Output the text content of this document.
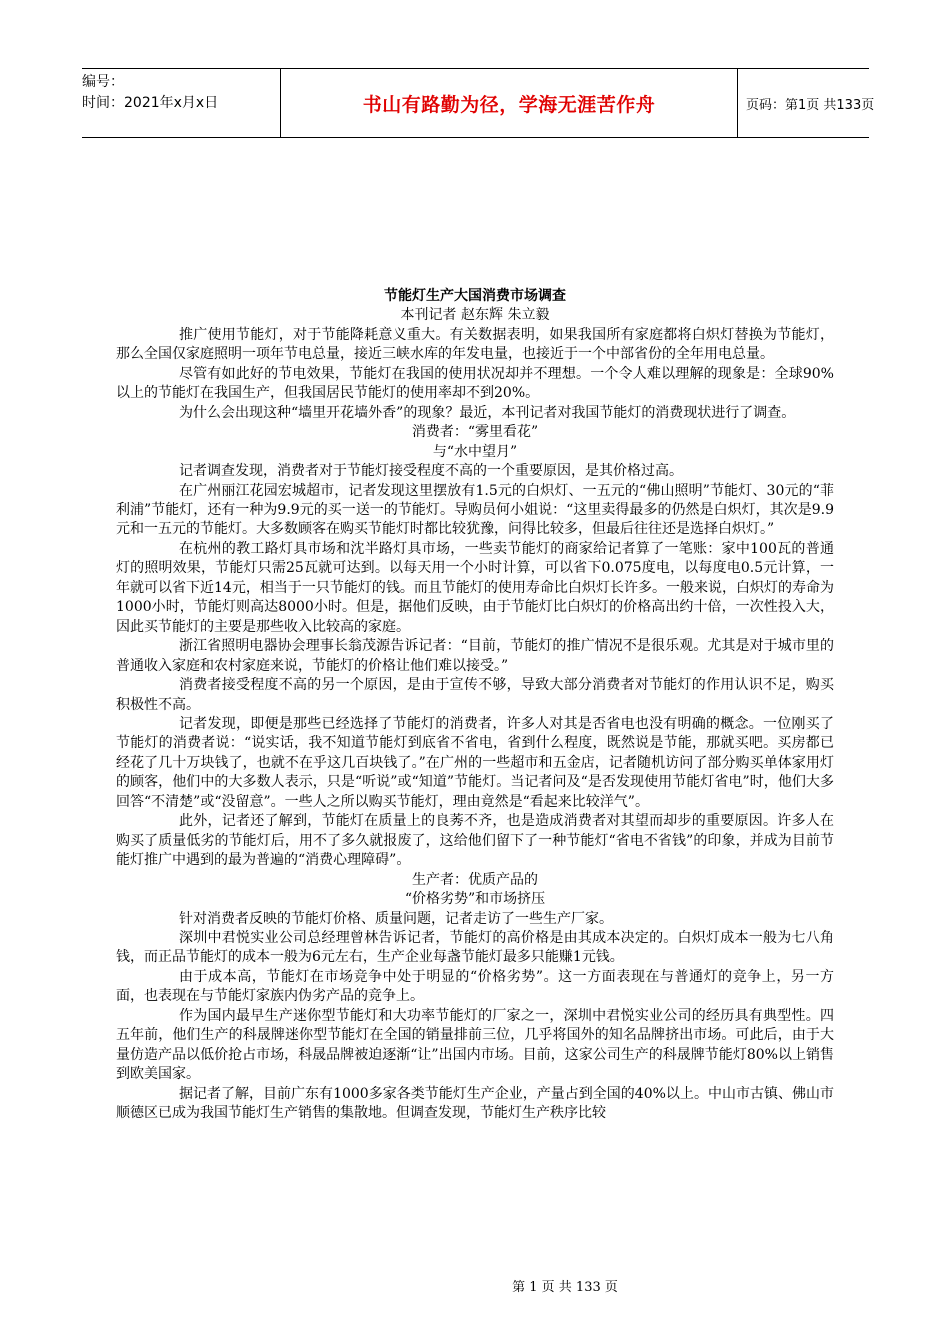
编号：
时间：2021年x月x日	书山有路勤为径，学海无涯苦作舟	页码：第1页 共133页
节能灯生产大国消费市场调查
本刊记者 赵东辉 朱立毅

推广使用节能灯，对于节能降耗意义重大。有关数据表明，如果我国所有家庭都将白炽灯替换为节能灯，那么全国仅家庭照明一项年节电总量，接近三峡水库的年发电量，也接近于一个中部省份的全年用电总量。

尽管有如此好的节电效果，节能灯在我国的使用状况却并不理想。一个令人难以理解的现象是：全球90%以上的节能灯在我国生产，但我国居民节能灯的使用率却不到20%。

为什么会出现这种“墙里开花墙外香”的现象？最近，本刊记者对我国节能灯的消费现状进行了调查。

消费者：“雾里看花”
与“水中望月”

记者调查发现，消费者对于节能灯接受程度不高的一个重要原因，是其价格过高。

在广州丽江花园宏城超市，记者发现这里摆放有1.5元的白炽灯、一五元的“佛山照明”节能灯、30元的“菲利浦”节能灯，还有一种为9.9元的买一送一的节能灯。导购员何小姐说：“这里卖得最多的仍然是白炽灯，其次是9.9元和一五元的节能灯。大多数顾客在购买节能灯时都比较犹豫，问得比较多，但最后往往还是选择白炽灯。”

在杭州的教工路灯具市场和沈半路灯具市场，一些卖节能灯的商家给记者算了一笔账：家中100瓦的普通灯的照明效果，节能灯只需25瓦就可达到。以每天用一个小时计算，可以省下0.075度电，以每度电0.5元计算，一年就可以省下近14元，相当于一只节能灯的钱。而且节能灯的使用寿命比白炽灯长许多。一般来说，白炽灯的寿命为1000小时，节能灯则高达8000小时。但是，据他们反映，由于节能灯比白炽灯的价格高出约十倍，一次性投入大，因此买节能灯的主要是那些收入比较高的家庭。

浙江省照明电器协会理事长翁茂源告诉记者：“目前，节能灯的推广情况不是很乐观。尤其是对于城市里的普通收入家庭和农村家庭来说，节能灯的价格让他们难以接受。”

消费者接受程度不高的另一个原因，是由于宣传不够，导致大部分消费者对节能灯的作用认识不足，购买积极性不高。

记者发现，即便是那些已经选择了节能灯的消费者，许多人对其是否省电也没有明确的概念。一位刚买了节能灯的消费者说：“说实话，我不知道节能灯到底省不省电，省到什么程度，既然说是节能，那就买吧。买房都已经花了几十万块钱了，也就不在乎这几百块钱了。”在广州的一些超市和五金店，记者随机访问了部分购买单体家用灯的顾客，他们中的大多数人表示，只是“听说”或“知道”节能灯。当记者问及“是否发现使用节能灯省电”时，他们大多回答“不清楚”或“没留意”。一些人之所以购买节能灯，理由竟然是“看起来比较洋气”。

此外，记者还了解到，节能灯在质量上的良莠不齐，也是造成消费者对其望而却步的重要原因。许多人在购买了质量低劣的节能灯后，用不了多久就报废了，这给他们留下了一种节能灯“省电不省钱”的印象，并成为目前节能灯推广中遇到的最为普遍的“消费心理障碍”。

生产者：优质产品的
“价格劣势”和市场挤压

针对消费者反映的节能灯价格、质量问题，记者走访了一些生产厂家。

深圳中君悦实业公司总经理曾林告诉记者，节能灯的高价格是由其成本决定的。白炽灯成本一般为七八角钱，而正品节能灯的成本一般为6元左右，生产企业每盏节能灯最多只能赚1元钱。

由于成本高，节能灯在市场竞争中处于明显的“价格劣势”。这一方面表现在与普通灯的竞争上，另一方面，也表现在与节能灯家族内伪劣产品的竞争上。

作为国内最早生产迷你型节能灯和大功率节能灯的厂家之一，深圳中君悦实业公司的经历具有典型性。四五年前，他们生产的科晟牌迷你型节能灯在全国的销量排前三位，几乎将国外的知名品牌挤出市场。可此后，由于大量仿造产品以低价抢占市场，科晟品牌被迫逐渐“让”出国内市场。目前，这家公司生产的科晟牌节能灯80%以上销售到欧美国家。

据记者了解，目前广东有1000多家各类节能灯生产企业，产量占到全国的40%以上。中山市古镇、佛山市顺德区已成为我国节能灯生产销售的集散地。但调查发现，节能灯生产秩序比较

第 1 页 共 133 页
